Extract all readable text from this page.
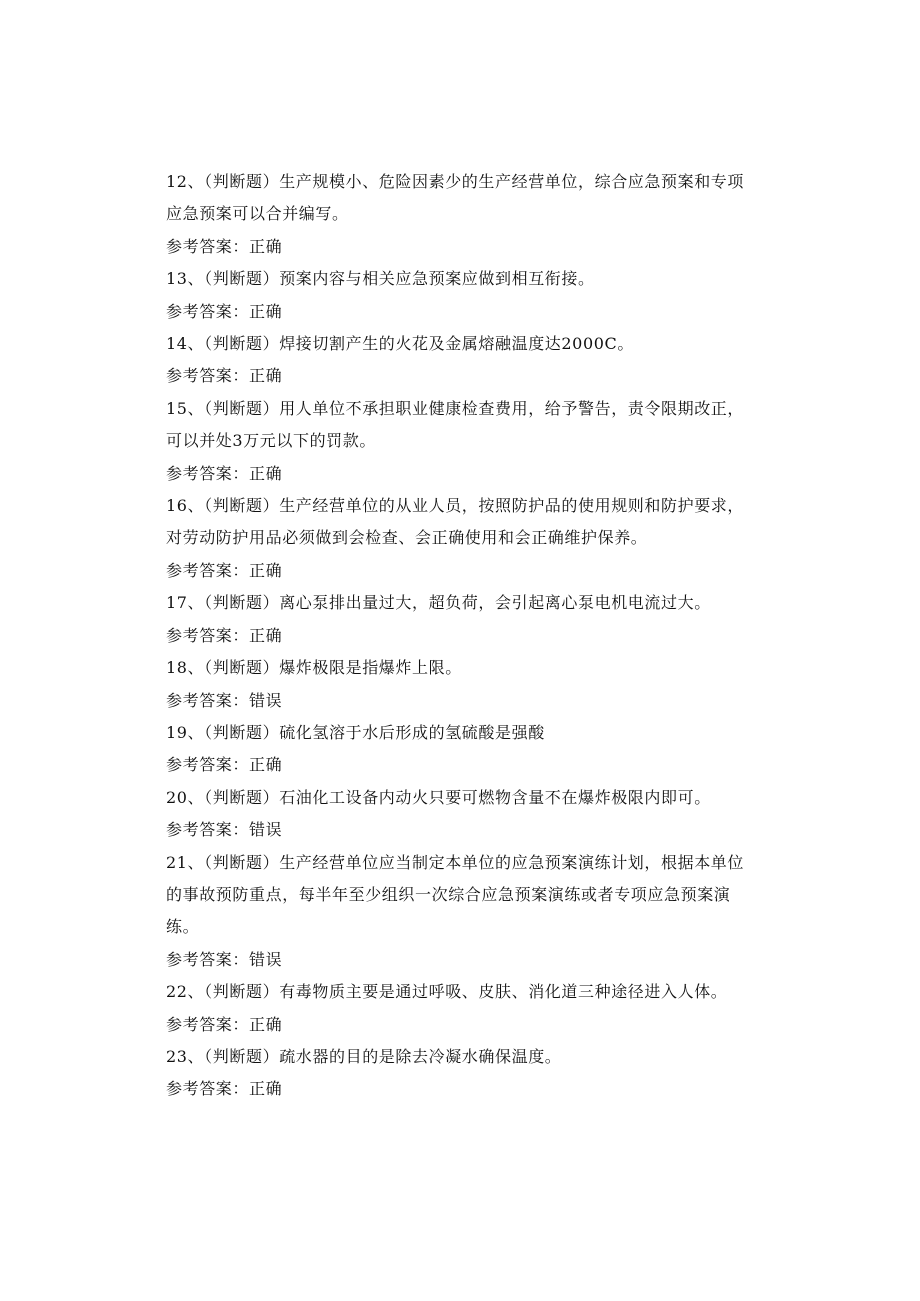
12、（判断题）生产规模小、危险因素少的生产经营单位，综合应急预案和专项应急预案可以合并编写。

参考答案：正确

13、（判断题）预案内容与相关应急预案应做到相互衔接。

参考答案：正确

14、（判断题）焊接切割产生的火花及金属熔融温度达2000C。

参考答案：正确

15、（判断题）用人单位不承担职业健康检查费用，给予警告，责令限期改正，可以并处3万元以下的罚款。

参考答案：正确

16、（判断题）生产经营单位的从业人员，按照防护品的使用规则和防护要求，对劳动防护用品必须做到会检查、会正确使用和会正确维护保养。

参考答案：正确

17、（判断题）离心泵排出量过大，超负荷，会引起离心泵电机电流过大。

参考答案：正确

18、（判断题）爆炸极限是指爆炸上限。

参考答案：错误

19、（判断题）硫化氢溶于水后形成的氢硫酸是强酸

参考答案：正确

20、（判断题）石油化工设备内动火只要可燃物含量不在爆炸极限内即可。

参考答案：错误

21、（判断题）生产经营单位应当制定本单位的应急预案演练计划，根据本单位的事故预防重点，每半年至少组织一次综合应急预案演练或者专项应急预案演练。

参考答案：错误

22、（判断题）有毒物质主要是通过呼吸、皮肤、消化道三种途径进入人体。

参考答案：正确

23、（判断题）疏水器的目的是除去冷凝水确保温度。

参考答案：正确
